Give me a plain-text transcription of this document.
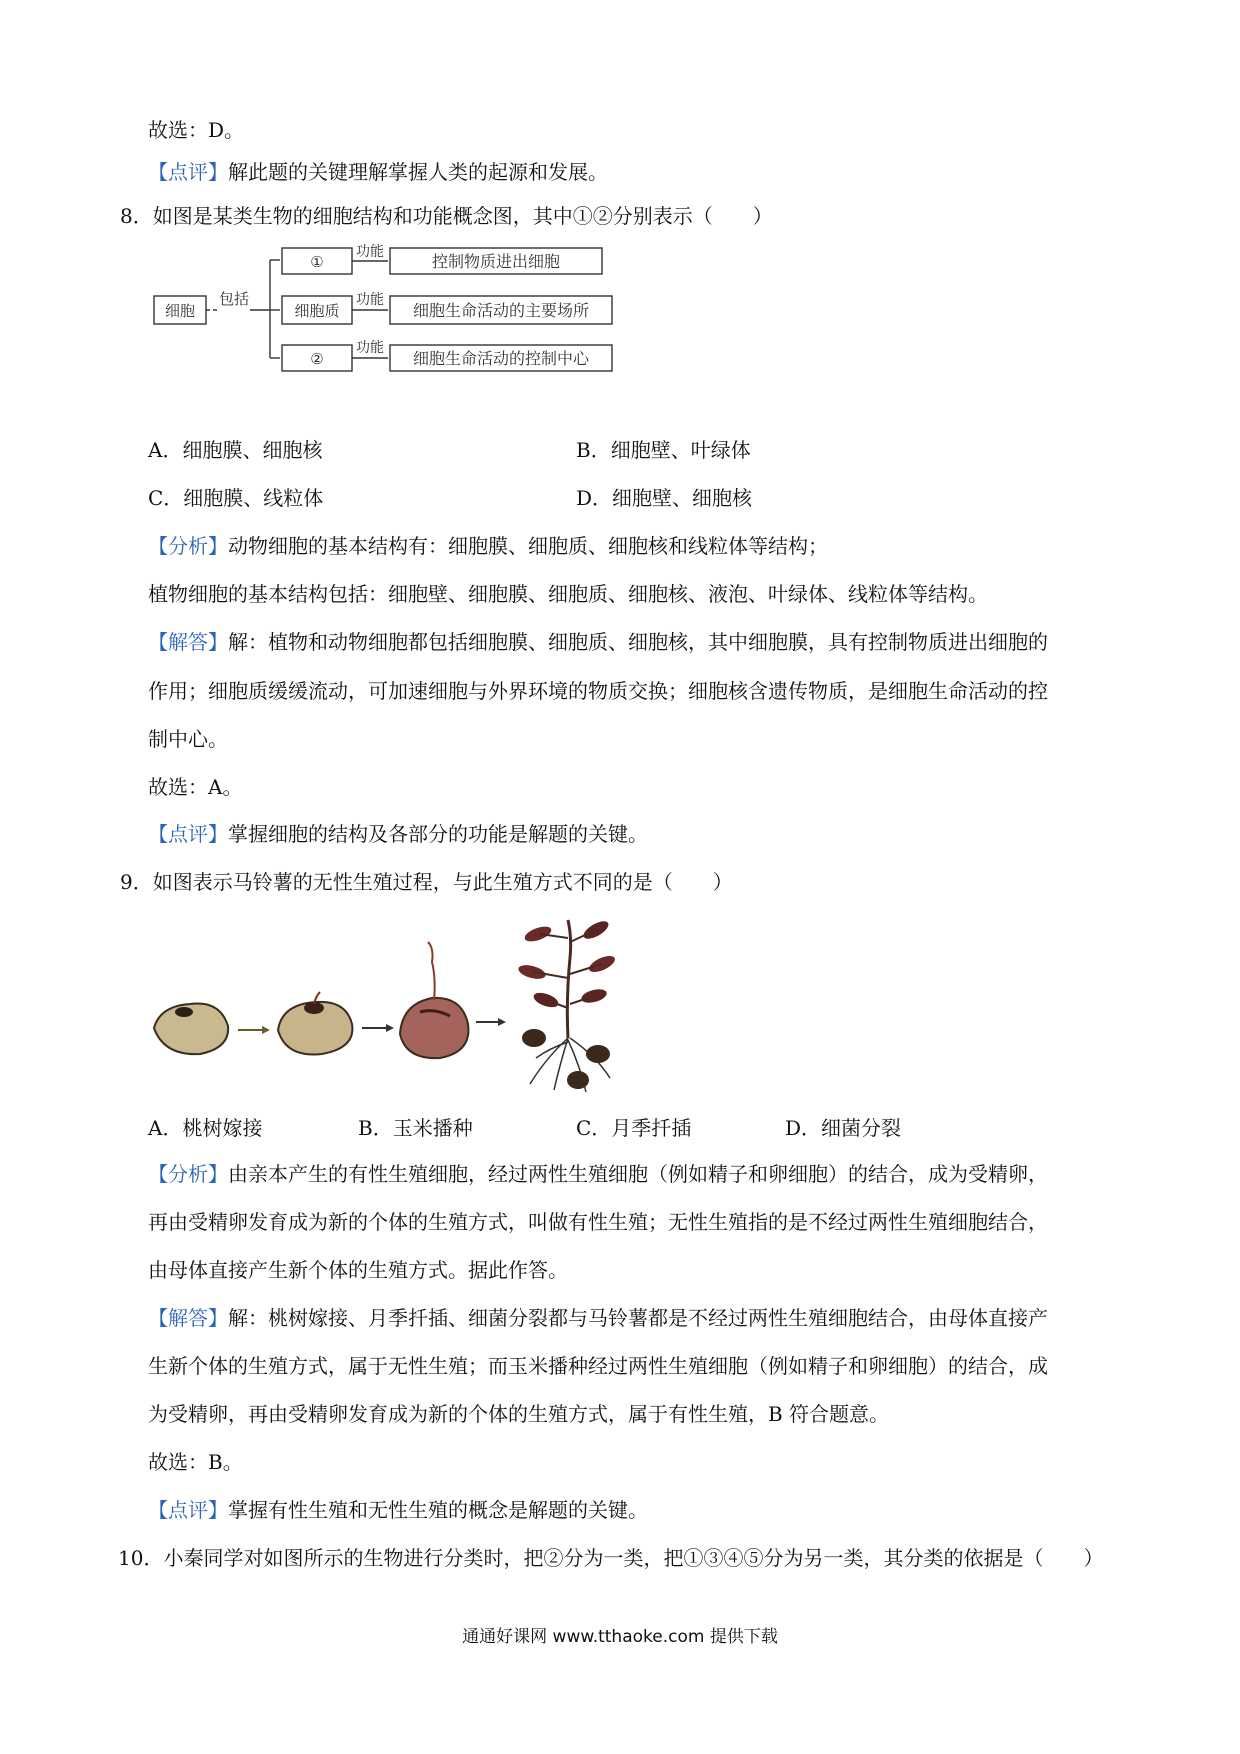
故选：D。
【点评】解此题的关键理解掌握人类的起源和发展。
8．如图是某类生物的细胞结构和功能概念图，其中①②分别表示（　　）
细胞
包括
①
细胞质
②
功能
功能
功能
控制物质进出细胞
细胞生命活动的主要场所
细胞生命活动的控制中心
A．细胞膜、细胞核	B．细胞壁、叶绿体
C．细胞膜、线粒体	D．细胞壁、细胞核
【分析】动物细胞的基本结构有：细胞膜、细胞质、细胞核和线粒体等结构；
植物细胞的基本结构包括：细胞壁、细胞膜、细胞质、细胞核、液泡、叶绿体、线粒体等结构。
【解答】解：植物和动物细胞都包括细胞膜、细胞质、细胞核，其中细胞膜，具有控制物质进出细胞的
作用；细胞质缓缓流动，可加速细胞与外界环境的物质交换；细胞核含遗传物质，是细胞生命活动的控
制中心。
故选：A。
【点评】掌握细胞的结构及各部分的功能是解题的关键。
9．如图表示马铃薯的无性生殖过程，与此生殖方式不同的是（　　）
A．桃树嫁接	B．玉米播种	C．月季扦插	D．细菌分裂
【分析】由亲本产生的有性生殖细胞，经过两性生殖细胞（例如精子和卵细胞）的结合，成为受精卵，
再由受精卵发育成为新的个体的生殖方式，叫做有性生殖；无性生殖指的是不经过两性生殖细胞结合，
由母体直接产生新个体的生殖方式。据此作答。
【解答】解：桃树嫁接、月季扦插、细菌分裂都与马铃薯都是不经过两性生殖细胞结合，由母体直接产
生新个体的生殖方式，属于无性生殖；而玉米播种经过两性生殖细胞（例如精子和卵细胞）的结合，成
为受精卵，再由受精卵发育成为新的个体的生殖方式，属于有性生殖，B 符合题意。
故选：B。
【点评】掌握有性生殖和无性生殖的概念是解题的关键。
10．小秦同学对如图所示的生物进行分类时，把②分为一类，把①③④⑤分为另一类，其分类的依据是（　　）
通通好课网 www.tthaoke.com 提供下载
